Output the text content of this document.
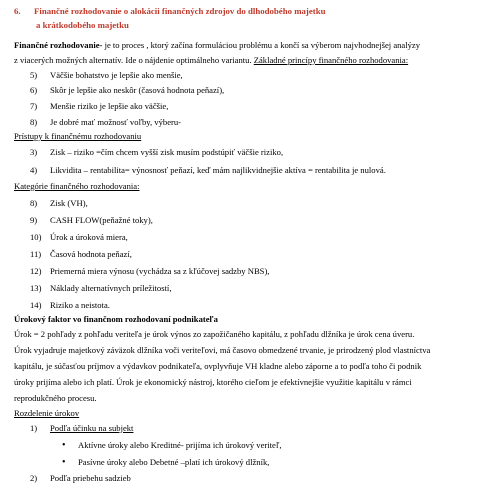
6. Finančné rozhodovanie o alokácii finančných zdrojov do dlhodobého majetku
a krátkodobého majetku
Finančné rozhodovanie- je to proces , ktorý začína formuláciou problému a končí sa výberom najvhodnejšej analýzy
z viacerých možných alternatív. Ide o nájdenie optimálneho variantu. Základné princípy finančného rozhodovania:
5) Väčšie bohatstvo je lepšie ako menšie,
6) Skôr je lepšie ako neskôr (časová hodnota peňazí),
7) Menšie riziko je lepšie ako väčšie,
8) Je dobré mať možnosť voľby, výberu-
Prístupy k finančnému rozhodovaniu
3) Zisk – riziko =čím chcem vyšší zisk musím podstúpiť väčšie riziko,
4) Likvidita – rentabilita= výnosnosť peňazí, keď mám najlikvidnejšie aktíva = rentabilita je nulová.
Kategórie finančného rozhodovania:
8) Zisk (VH),
9) CASH FLOW(peňažné toky),
10) Úrok a úroková miera,
11) Časová hodnota peňazí,
12) Priemerná miera výnosu (vychádza sa z kľúčovej sadzby NBS),
13) Náklady alternatívnych príležitostí,
14) Riziko a neistota.
Úrokový faktor vo finančnom rozhodovaní podnikateľa
Úrok = 2 pohľady z pohľadu veriteľa je úrok výnos zo zapožičaného kapitálu, z pohľadu dlžníka je úrok cena úveru.
Úrok vyjadruje majetkový záväzok dlžníka voči veriteľovi, má časovo obmedzené trvanie, je prirodzený plod vlastníctva
kapitálu, je súčasťou príjmov a výdavkov podnikateľa, ovplyvňuje VH kladne alebo záporne a to podľa toho či podnik
úroky prijíma alebo ich platí. Úrok je ekonomický nástroj, ktorého cieľom je efektívnejšie využitie kapitálu v rámci
reprodukčného procesu.
Rozdelenie úrokov
1) Podľa účinku na subjekt
• Aktívne úroky alebo Kreditné- prijíma ich úrokový veriteľ,
• Pasívne úroky alebo Debetné –platí ich úrokový dlžník,
2) Podľa priebehu sadzieb
